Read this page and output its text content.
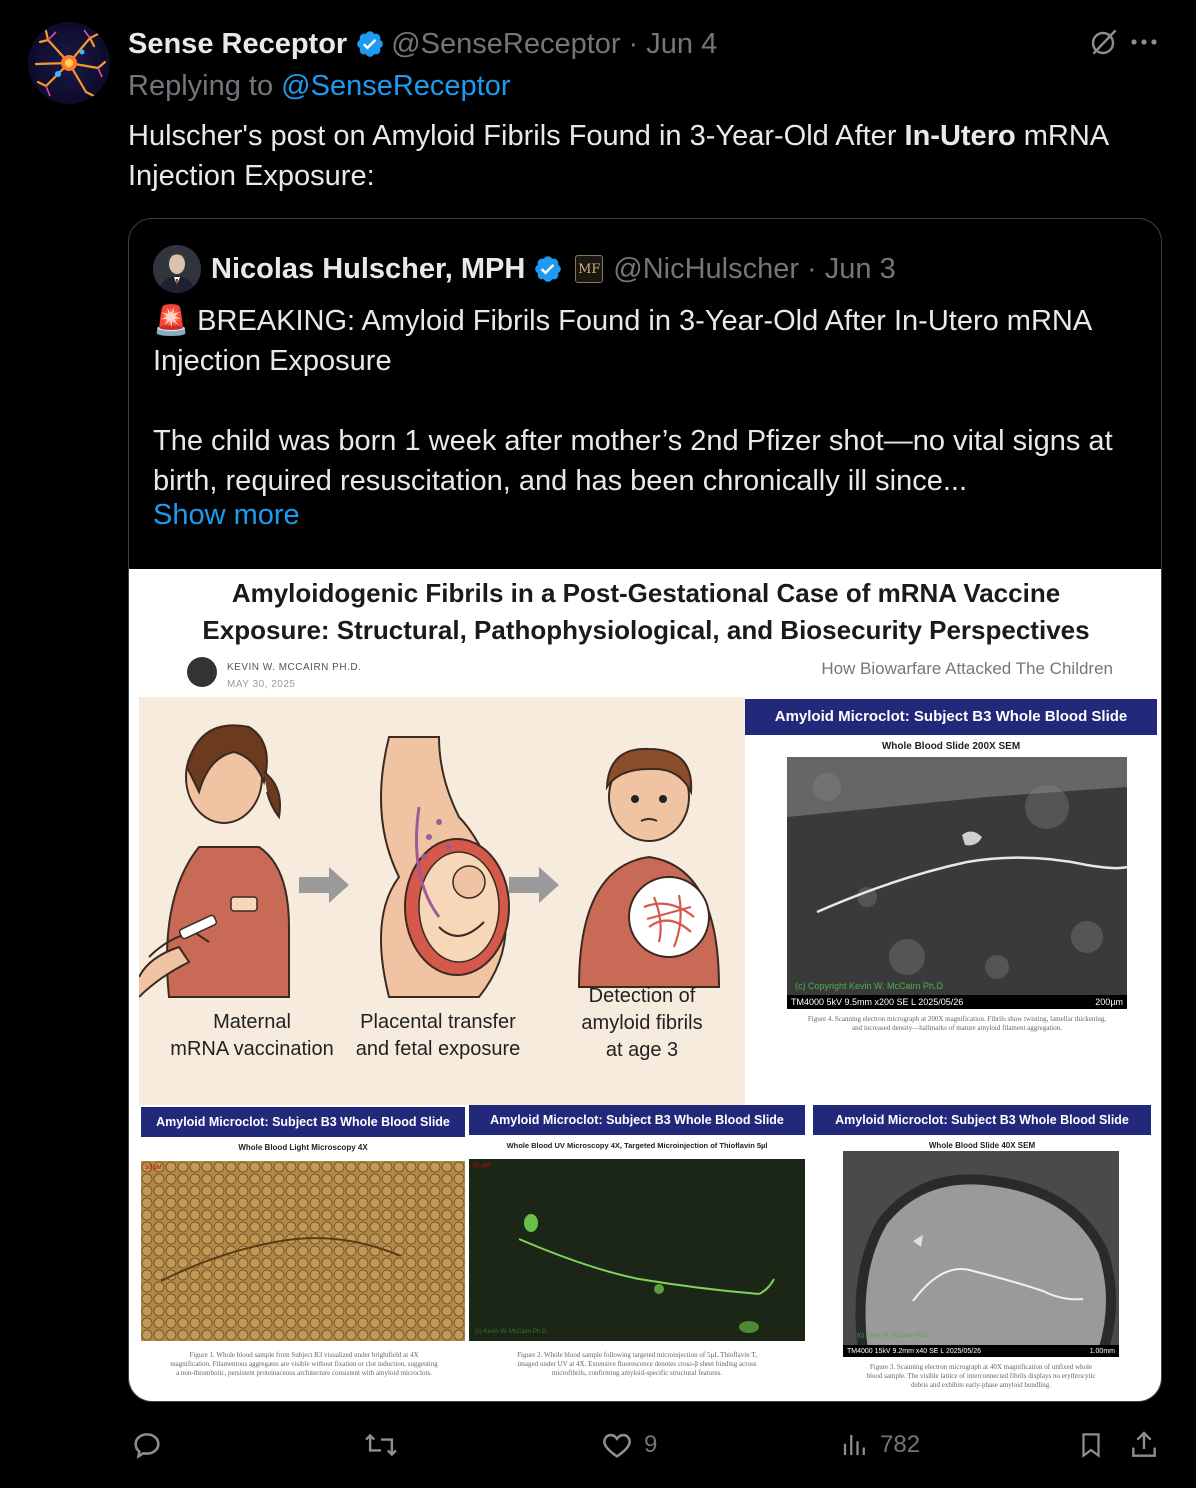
Sense Receptor @SenseReceptor · Jun 4
Replying to @SenseReceptor
Hulscher's post on Amyloid Fibrils Found in 3-Year-Old After In-Utero mRNA Injection Exposure:
Nicolas Hulscher, MPH	MF @NicHulscher · Jun 3
🚨 BREAKING: Amyloid Fibrils Found in 3-Year-Old After In-Utero mRNA Injection Exposure
The child was born 1 week after mother’s 2nd Pfizer shot—no vital signs at birth, required resuscitation, and has been chronically ill since...
Show more
Amyloidogenic Fibrils in a Post-Gestational Case of mRNA Vaccine
Exposure: Structural, Pathophysiological, and Biosecurity Perspectives
KEVIN W. MCCAIRN PH.D.
MAY 30, 2025
How Biowarfare Attacked The Children
Maternal
mRNA vaccination
Placental transfer
and fetal exposure
Detection of
amyloid fibrils
at age 3
Amyloid Microclot: Subject B3 Whole Blood Slide
Whole Blood Slide 200X SEM
(c) Copyright Kevin W. McCairn Ph.D
TM4000 5kV 9.5mm x200 SE L 2025/05/26	200µm
Figure 4. Scanning electron micrograph at 200X magnification. Fibrils show twisting, lamellar thickening, and increased density—hallmarks of mature amyloid filament aggregation.
Amyloid Microclot: Subject B3 Whole Blood Slide
Whole Blood Light Microscopy 4X
50 µM
Figure 1. Whole blood sample from Subject B3 visualized under brightfield at 4X magnification. Filamentous aggregates are visible without fixation or clot induction, suggesting a non-thrombotic, persistent proteinaceous architecture consistent with amyloid microclots.
Amyloid Microclot: Subject B3 Whole Blood Slide
Whole Blood UV Microscopy 4X, Targeted Microinjection of Thioflavin 5µl
50 µM
(c) Kevin W. McCairn Ph.D
Figure 2. Whole blood sample following targeted microinjection of 5µL Thioflavin T, imaged under UV at 4X. Extensive fluorescence denotes cross-β sheet binding across microfibrils, confirming amyloid-specific structural features.
Amyloid Microclot: Subject B3 Whole Blood Slide
Whole Blood Slide 40X SEM
(c) Kevin W. McCairn Ph.D
TM4000 15kV 9.2mm x40 SE L 2025/05/26	1.00mm
Figure 3. Scanning electron micrograph at 40X magnification of unfixed whole blood sample. The visible lattice of interconnected fibrils displays no erythrocytic debris and exhibits early-phase amyloid bundling.
9	782
